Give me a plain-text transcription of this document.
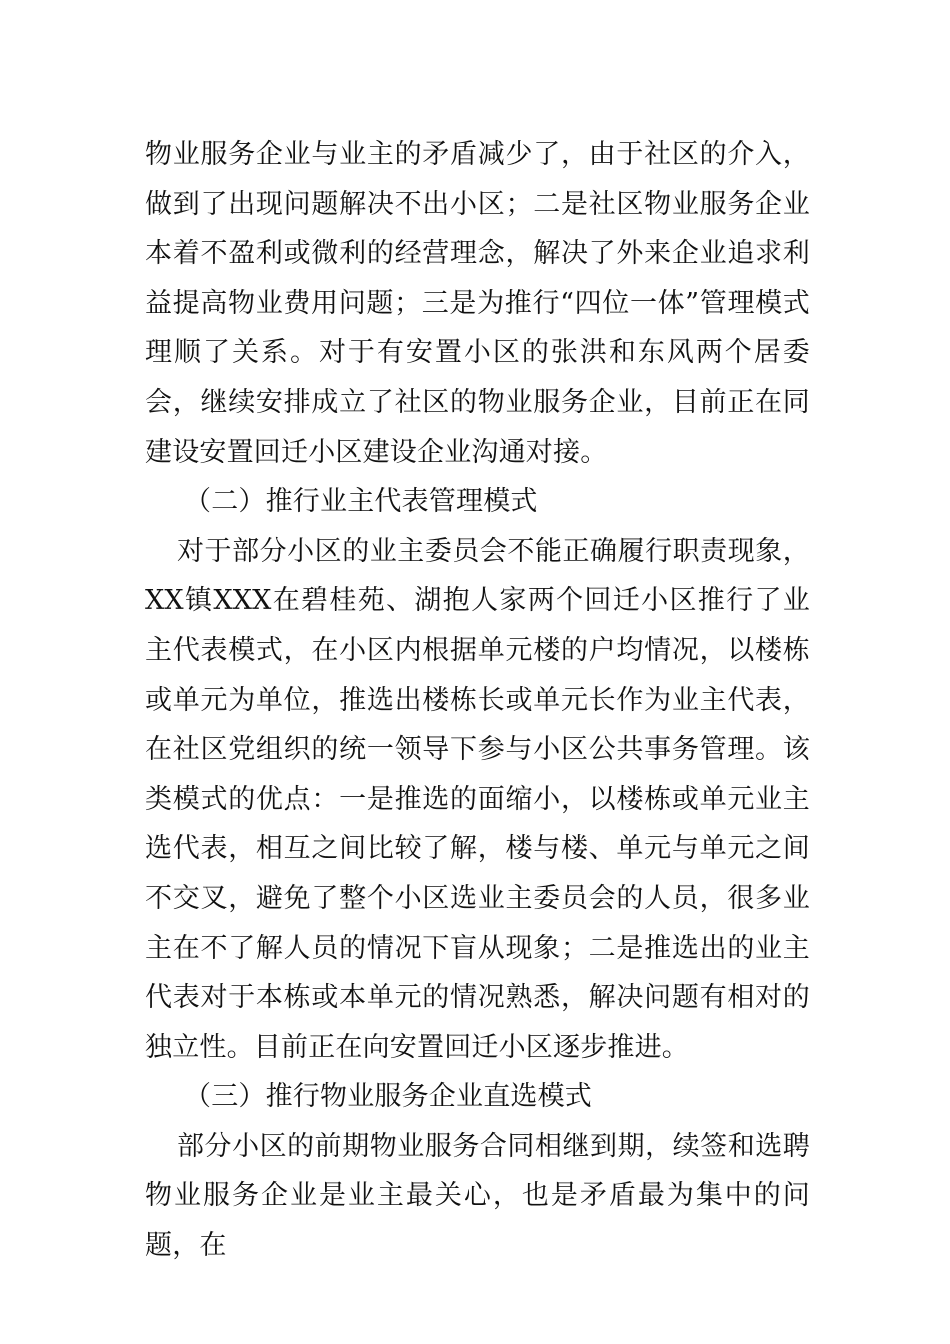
物业服务企业与业主的矛盾减少了，由于社区的介入，做到了出现问题解决不出小区；二是社区物业服务企业本着不盈利或微利的经营理念，解决了外来企业追求利益提高物业费用问题；三是为推行“四位一体”管理模式理顺了关系。对于有安置小区的张洪和东风两个居委会，继续安排成立了社区的物业服务企业，目前正在同建设安置回迁小区建设企业沟通对接。

（二）推行业主代表管理模式

对于部分小区的业主委员会不能正确履行职责现象，XX镇XXX在碧桂苑、湖抱人家两个回迁小区推行了业主代表模式，在小区内根据单元楼的户均情况，以楼栋或单元为单位，推选出楼栋长或单元长作为业主代表，在社区党组织的统一领导下参与小区公共事务管理。该类模式的优点：一是推选的面缩小，以楼栋或单元业主选代表，相互之间比较了解，楼与楼、单元与单元之间不交叉，避免了整个小区选业主委员会的人员，很多业主在不了解人员的情况下盲从现象；二是推选出的业主代表对于本栋或本单元的情况熟悉，解决问题有相对的独立性。目前正在向安置回迁小区逐步推进。

（三）推行物业服务企业直选模式

部分小区的前期物业服务合同相继到期，续签和选聘物业服务企业是业主最关心，也是矛盾最为集中的问题，在
